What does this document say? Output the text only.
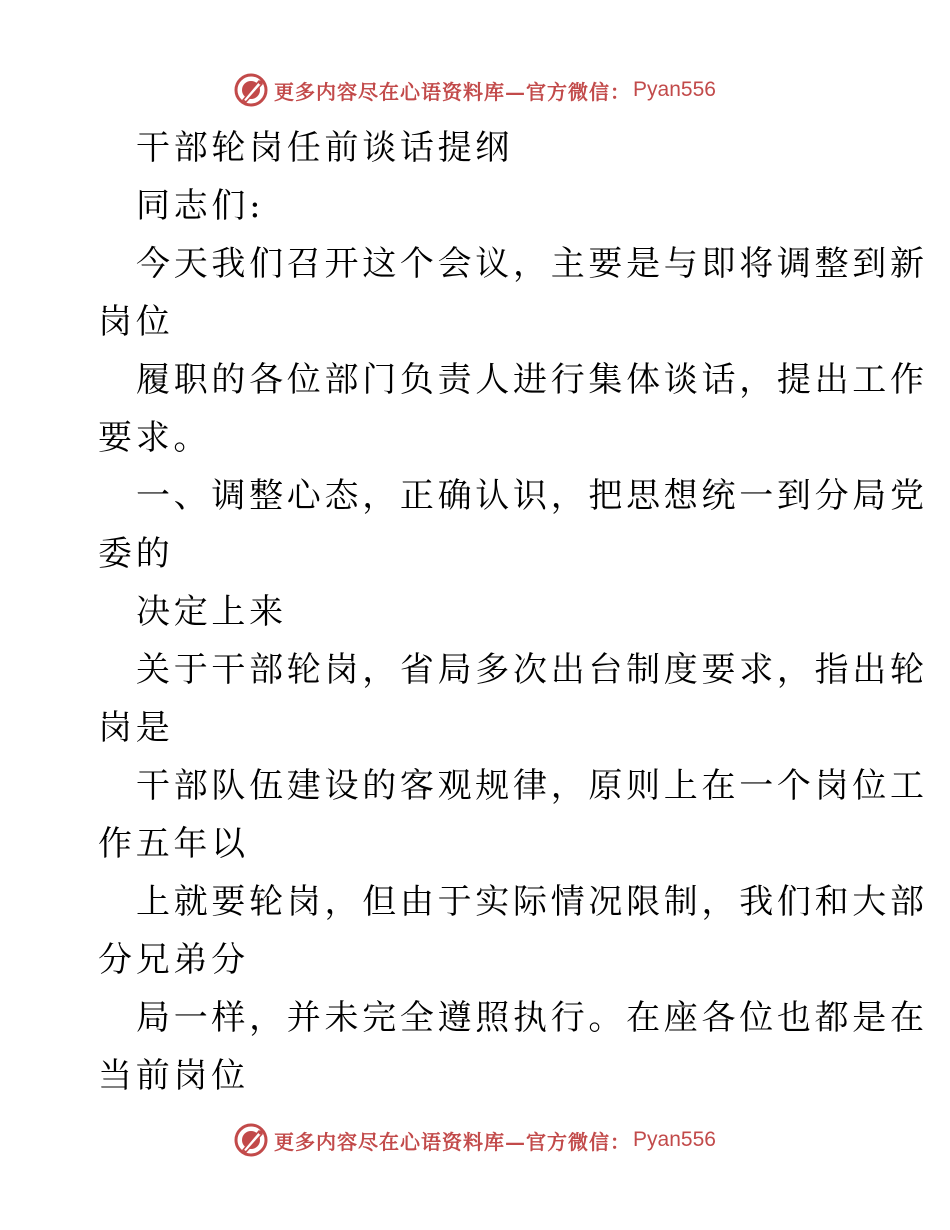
更多内容尽在心语资料库—官方微信： Pyan556
干部轮岗任前谈话提纲
同志们:
今天我们召开这个会议，主要是与即将调整到新
岗位
履职的各位部门负责人进行集体谈话，提出工作
要求。
一、调整心态，正确认识，把思想统一到分局党
委的
决定上来
关于干部轮岗，省局多次出台制度要求，指出轮
岗是
干部队伍建设的客观规律，原则上在一个岗位工
作五年以
上就要轮岗，但由于实际情况限制，我们和大部
分兄弟分
局一样，并未完全遵照执行。在座各位也都是在
当前岗位
更多内容尽在心语资料库—官方微信： Pyan556
